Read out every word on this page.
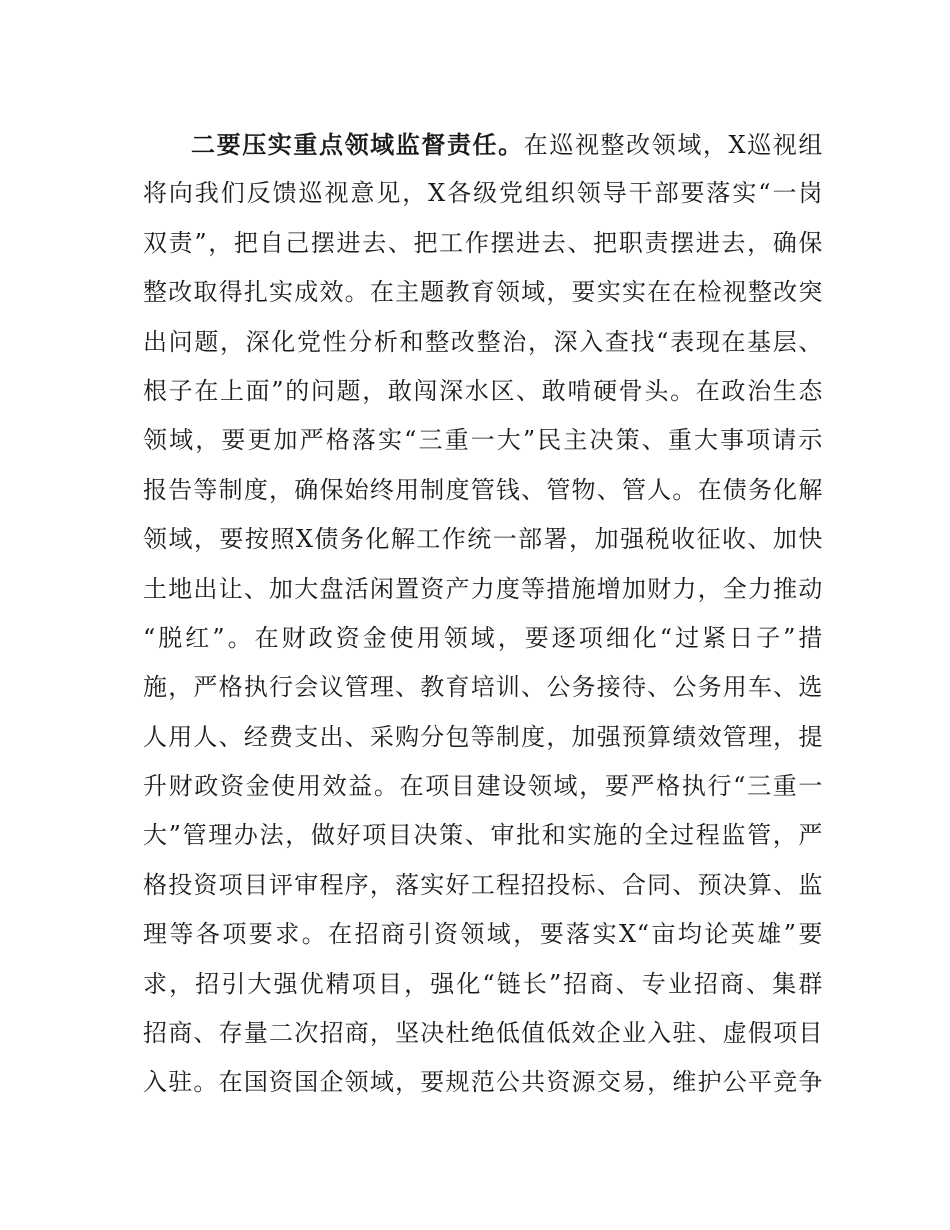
二要压实重点领域监督责任。在巡视整改领域，X巡视组
将向我们反馈巡视意见，X各级党组织领导干部要落实“一岗
双责”，把自己摆进去、把工作摆进去、把职责摆进去，确保
整改取得扎实成效。在主题教育领域，要实实在在检视整改突
出问题，深化党性分析和整改整治，深入查找“表现在基层、
根子在上面”的问题，敢闯深水区、敢啃硬骨头。在政治生态
领域，要更加严格落实“三重一大”民主决策、重大事项请示
报告等制度，确保始终用制度管钱、管物、管人。在债务化解
领域，要按照X债务化解工作统一部署，加强税收征收、加快
土地出让、加大盘活闲置资产力度等措施增加财力，全力推动
“脱红”。在财政资金使用领域，要逐项细化“过紧日子”措
施，严格执行会议管理、教育培训、公务接待、公务用车、选
人用人、经费支出、采购分包等制度，加强预算绩效管理，提
升财政资金使用效益。在项目建设领域，要严格执行“三重一
大”管理办法，做好项目决策、审批和实施的全过程监管，严
格投资项目评审程序，落实好工程招投标、合同、预决算、监
理等各项要求。在招商引资领域，要落实X“亩均论英雄”要
求，招引大强优精项目，强化“链长”招商、专业招商、集群
招商、存量二次招商，坚决杜绝低值低效企业入驻、虚假项目
入驻。在国资国企领域，要规范公共资源交易，维护公平竞争
